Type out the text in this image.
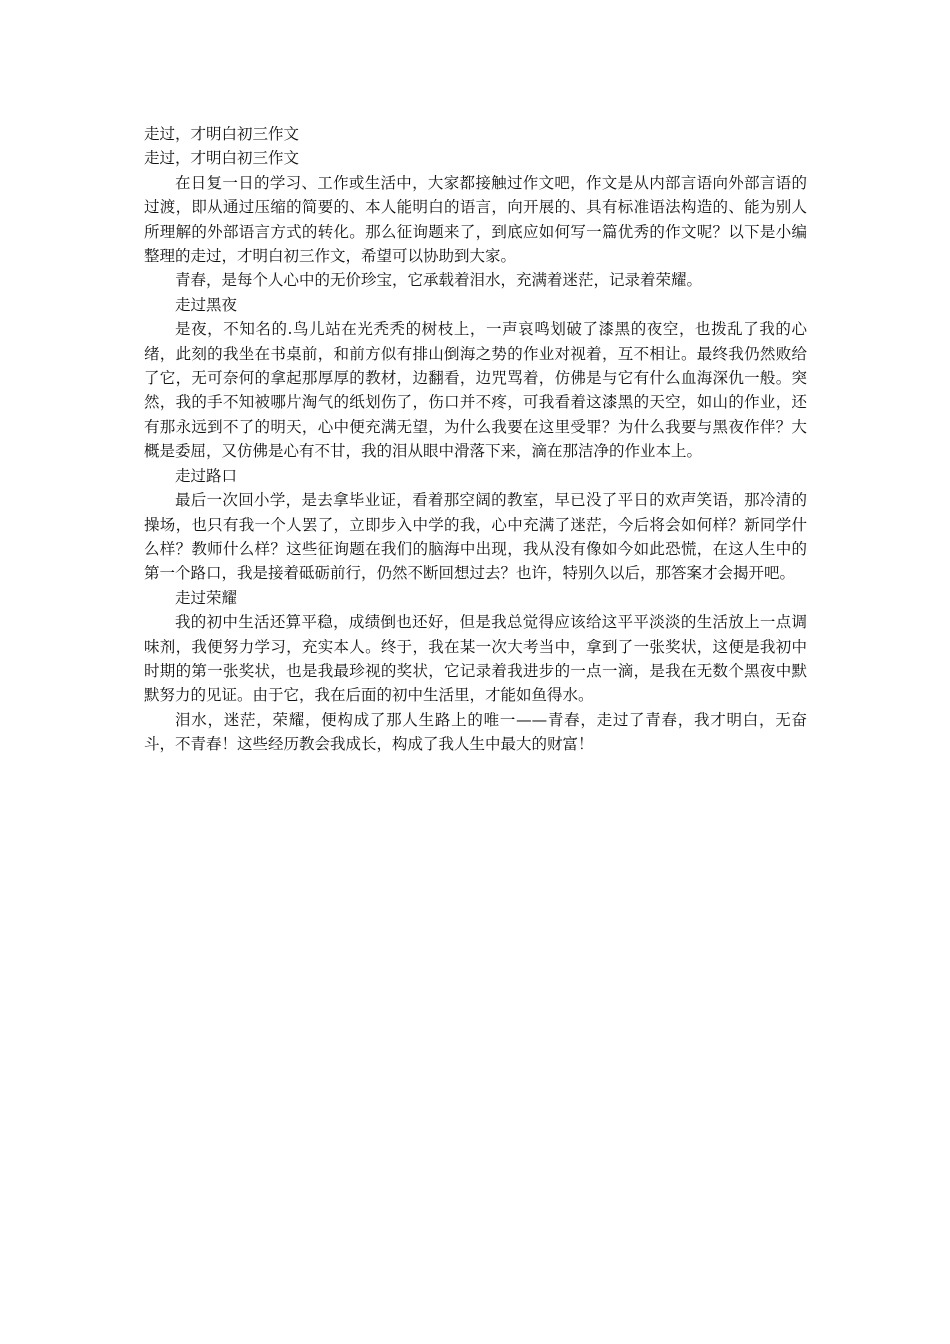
走过，才明白初三作文

走过，才明白初三作文

在日复一日的学习、工作或生活中，大家都接触过作文吧，作文是从内部言语向外部言语的过渡，即从通过压缩的简要的、本人能明白的语言，向开展的、具有标准语法构造的、能为别人所理解的外部语言方式的转化。那么征询题来了，到底应如何写一篇优秀的作文呢？以下是小编整理的走过，才明白初三作文，希望可以协助到大家。

青春，是每个人心中的无价珍宝，它承载着泪水，充满着迷茫，记录着荣耀。

走过黑夜

是夜，不知名的.鸟儿站在光秃秃的树枝上，一声哀鸣划破了漆黑的夜空，也拨乱了我的心绪，此刻的我坐在书桌前，和前方似有排山倒海之势的作业对视着，互不相让。最终我仍然败给了它，无可奈何的拿起那厚厚的教材，边翻看，边咒骂着，仿佛是与它有什么血海深仇一般。突然，我的手不知被哪片淘气的纸划伤了，伤口并不疼，可我看着这漆黑的天空，如山的作业，还有那永远到不了的明天，心中便充满无望，为什么我要在这里受罪？为什么我要与黑夜作伴？大概是委屈，又仿佛是心有不甘，我的泪从眼中滑落下来，滴在那洁净的作业本上。

走过路口

最后一次回小学，是去拿毕业证，看着那空阔的教室，早已没了平日的欢声笑语，那冷清的操场，也只有我一个人罢了，立即步入中学的我，心中充满了迷茫，今后将会如何样？新同学什么样？教师什么样？这些征询题在我们的脑海中出现，我从没有像如今如此恐慌，在这人生中的第一个路口，我是接着砥砺前行，仍然不断回想过去？也许，特别久以后，那答案才会揭开吧。

走过荣耀

我的初中生活还算平稳，成绩倒也还好，但是我总觉得应该给这平平淡淡的生活放上一点调味剂，我便努力学习，充实本人。终于，我在某一次大考当中，拿到了一张奖状，这便是我初中时期的第一张奖状，也是我最珍视的奖状，它记录着我进步的一点一滴，是我在无数个黑夜中默默努力的见证。由于它，我在后面的初中生活里，才能如鱼得水。

泪水，迷茫，荣耀，便构成了那人生路上的唯一——青春，走过了青春，我才明白，无奋斗，不青春！这些经历教会我成长，构成了我人生中最大的财富！
